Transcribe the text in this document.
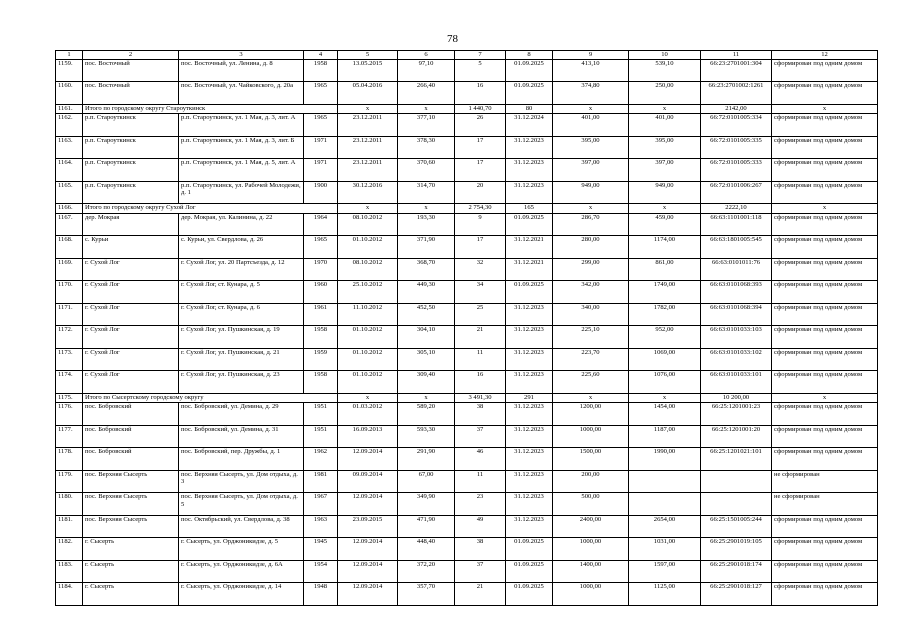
78
1	2	3	4	5	6	7	8	9	10	11	12	
1159.	пос. Восточный	пос. Восточный, ул. Ленина, д. 8	1958	13.05.2015	97,10	5	01.09.2025	413,10	539,10	66:23:2701001:304	сформирован под одним домом	
1160.	пос. Восточный	пос. Восточный, ул. Чайковского, д. 20а	1965	05.04.2016	266,40	16	01.09.2025	374,80	250,00	66:23:2701002:1261	сформирован под одним домом	
1161.	Итого по городскому округу Староуткинск			x	x	1 440,70	80	x	x	2142,00	x	
1162.	р.п. Староуткинск	р.п. Староуткинск, ул. 1 Мая, д. 3, лит. А	1965	23.12.2011	377,10	26	31.12.2024	401,00	401,00	66:72:0101005:334	сформирован под одним домом	
1163.	р.п. Староуткинск	р.п. Староуткинск, ул. 1 Мая, д. 3, лит. Б	1971	23.12.2011	378,30	17	31.12.2023	395,00	395,00	66:72:0101005:335	сформирован под одним домом	
1164.	р.п. Староуткинск	р.п. Староуткинск, ул. 1 Мая, д. 5, лит. А	1971	23.12.2011	370,60	17	31.12.2023	397,00	397,00	66:72:0101005:333	сформирован под одним домом	
1165.	р.п. Староуткинск	р.п. Староуткинск, ул. Рабочей Молодежи, д. 1	1900	30.12.2016	314,70	20	31.12.2023	949,00	949,00	66:72:0101006:267	сформирован под одним домом	
1166.	Итого по городскому округу Сухой Лог			x	x	2 754,30	165	x	x	2222,10	x	
1167.	дер. Мокрая	дер. Мокрая, ул. Калинина, д. 22	1964	08.10.2012	193,30	9	01.09.2025	286,70	459,00	66:63:1101001:118	сформирован под одним домом	
1168.	с. Курьи	с. Курьи, ул. Свердлова, д. 26	1965	01.10.2012	371,90	17	31.12.2021	280,00	1174,00	66:63:1801005:545	сформирован под одним домом	
1169.	г. Сухой Лог	г. Сухой Лог, ул. 20 Партсъезда, д. 12	1970	08.10.2012	368,70	32	31.12.2021	299,00	861,00	66:63:0101011:76	сформирован под одним домом	
1170.	г. Сухой Лог	г. Сухой Лог, ст. Кунара, д. 5	1960	25.10.2012	449,30	34	01.09.2025	342,00	1749,00	66:63:0101068:393	сформирован под одним домом	
1171.	г. Сухой Лог	г. Сухой Лог, ст. Кунара, д. 6	1961	11.10.2012	452,50	25	31.12.2023	340,00	1782,00	66:63:0101068:394	сформирован под одним домом	
1172.	г. Сухой Лог	г. Сухой Лог, ул. Пушкинская, д. 19	1958	01.10.2012	304,10	21	31.12.2023	225,10	952,00	66:63:0101033:103	сформирован под одним домом	
1173.	г. Сухой Лог	г. Сухой Лог, ул. Пушкинская, д. 21	1959	01.10.2012	305,10	11	31.12.2023	223,70	1069,00	66:63:0101033:102	сформирован под одним домом	
1174.	г. Сухой Лог	г. Сухой Лог, ул. Пушкинская, д. 23	1958	01.10.2012	309,40	16	31.12.2023	225,60	1076,00	66:63:0101033:101	сформирован под одним домом	
1175.	Итого по Сысертскому городскому округу			x	x	3 491,30	291	x	x	10 200,00	x	
1176.	пос. Бобровский	пос. Бобровский, ул. Демина, д. 29	1951	01.03.2012	589,20	38	31.12.2023	1200,00	1454,00	66:25:1201001:23	сформирован под одним домом	
1177.	пос. Бобровский	пос. Бобровский, ул. Демина, д. 31	1951	16.09.2013	593,30	37	31.12.2023	1000,00	1187,00	66:25:1201001:20	сформирован под одним домом	
1178.	пос. Бобровский	пос. Бобровский, пер. Дружбы, д. 1	1962	12.09.2014	291,90	46	31.12.2023	1500,00	1990,00	66:25:1201021:101	сформирован под одним домом	
1179.	пос. Верхняя Сысерть	пос. Верхняя Сысерть, ул. Дом отдыха, д. 3	1981	09.09.2014	67,00	11	31.12.2023	200,00			не сформирован	
1180.	пос. Верхняя Сысерть	пос. Верхняя Сысерть, ул. Дом отдыха, д. 5	1967	12.09.2014	349,90	23	31.12.2023	500,00			не сформирован	
1181.	пос. Верхняя Сысерть	пос. Октябрьский, ул. Свердлова, д. 38	1963	23.09.2015	471,90	49	31.12.2023	2400,00	2654,00	66:25:1501005:244	сформирован под одним домом	
1182.	г. Сысерть	г. Сысерть, ул. Орджоникидзе, д. 5	1945	12.09.2014	448,40	38	01.09.2025	1000,00	1031,00	66:25:2901019:105	сформирован под одним домом	
1183.	г. Сысерть	г. Сысерть, ул. Орджоникидзе, д. 6А	1954	12.09.2014	372,20	37	01.09.2025	1400,00	1597,00	66:25:2901018:174	сформирован под одним домом	
1184.	г. Сысерть	г. Сысерть, ул. Орджоникидзе, д. 14	1948	12.09.2014	357,70	21	01.09.2025	1000,00	1125,00	66:25:2901018:127	сформирован под одним домом	
